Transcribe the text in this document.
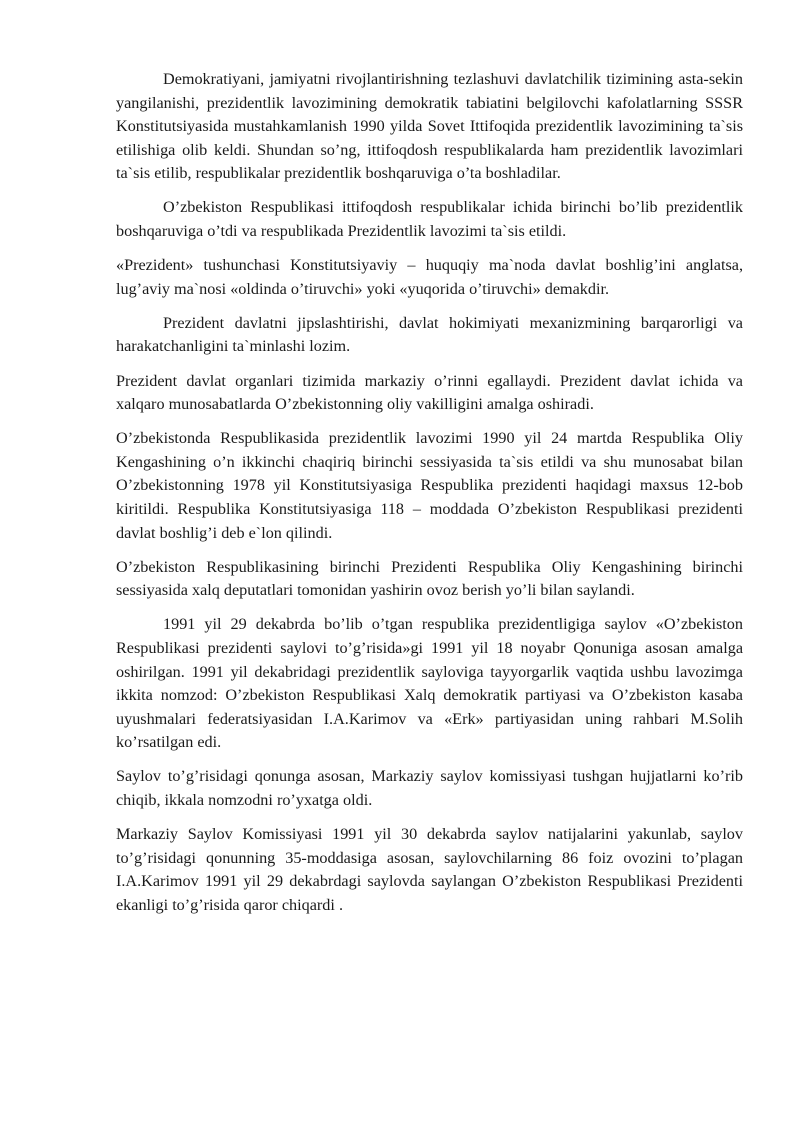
Demokratiyani, jamiyatni rivojlantirishning tezlashuvi davlatchilik tizimining asta-sekin yangilanishi, prezidentlik lavozimining demokratik tabiatini belgilovchi kafolatlarning SSSR Konstitutsiyasida mustahkamlanish 1990 yilda Sovet Ittifoqida prezidentlik lavozimining ta`sis etilishiga olib keldi. Shundan so’ng, ittifoqdosh respublikalarda ham prezidentlik lavozimlari ta`sis etilib, respublikalar prezidentlik boshqaruviga o’ta boshladilar.

O’zbekiston Respublikasi ittifoqdosh respublikalar ichida birinchi bo’lib prezidentlik boshqaruviga o’tdi va respublikada Prezidentlik lavozimi ta`sis etildi.

«Prezident» tushunchasi Konstitutsiyaviy – huquqiy ma`noda davlat boshlig’ini anglatsa, lug’aviy ma`nosi «oldinda o’tiruvchi» yoki «yuqorida o’tiruvchi» demakdir.

Prezident davlatni jipslashtirishi, davlat hokimiyati mexanizmining barqarorligi va harakatchanligini ta`minlashi lozim.

Prezident davlat organlari tizimida markaziy o’rinni egallaydi. Prezident davlat ichida va xalqaro munosabatlarda O’zbekistonning oliy vakilligini amalga oshiradi.

O’zbekistonda Respublikasida prezidentlik lavozimi 1990 yil 24 martda Respublika Oliy Kengashining o’n ikkinchi chaqiriq birinchi sessiyasida ta`sis etildi va shu munosabat bilan O’zbekistonning 1978 yil Konstitutsiyasiga Respublika prezidenti haqidagi maxsus 12-bob kiritildi. Respublika Konstitutsiyasiga 118 – moddada O’zbekiston Respublikasi prezidenti davlat boshlig’i deb e`lon qilindi.

O’zbekiston Respublikasining birinchi Prezidenti Respublika Oliy Kengashining birinchi sessiyasida xalq deputatlari tomonidan yashirin ovoz berish yo’li bilan saylandi.

1991 yil 29 dekabrda bo’lib o’tgan respublika prezidentligiga saylov «O’zbekiston Respublikasi prezidenti saylovi to’g’risida»gi 1991 yil 18 noyabr Qonuniga asosan amalga oshirilgan. 1991 yil dekabridagi prezidentlik sayloviga tayyorgarlik vaqtida ushbu lavozimga ikkita nomzod: O’zbekiston Respublikasi Xalq demokratik partiyasi va O’zbekiston kasaba uyushmalari federatsiyasidan I.A.Karimov va «Erk» partiyasidan uning rahbari M.Solih ko’rsatilgan edi.

Saylov to’g’risidagi qonunga asosan, Markaziy saylov komissiyasi tushgan hujjatlarni ko’rib chiqib, ikkala nomzodni ro’yxatga oldi.

Markaziy Saylov Komissiyasi 1991 yil 30 dekabrda saylov natijalarini yakunlab, saylov to’g’risidagi qonunning 35-moddasiga asosan, saylovchilarning 86 foiz ovozini to’plagan I.A.Karimov 1991 yil 29 dekabrdagi saylovda saylangan O’zbekiston Respublikasi Prezidenti ekanligi to’g’risida qaror chiqardi .
